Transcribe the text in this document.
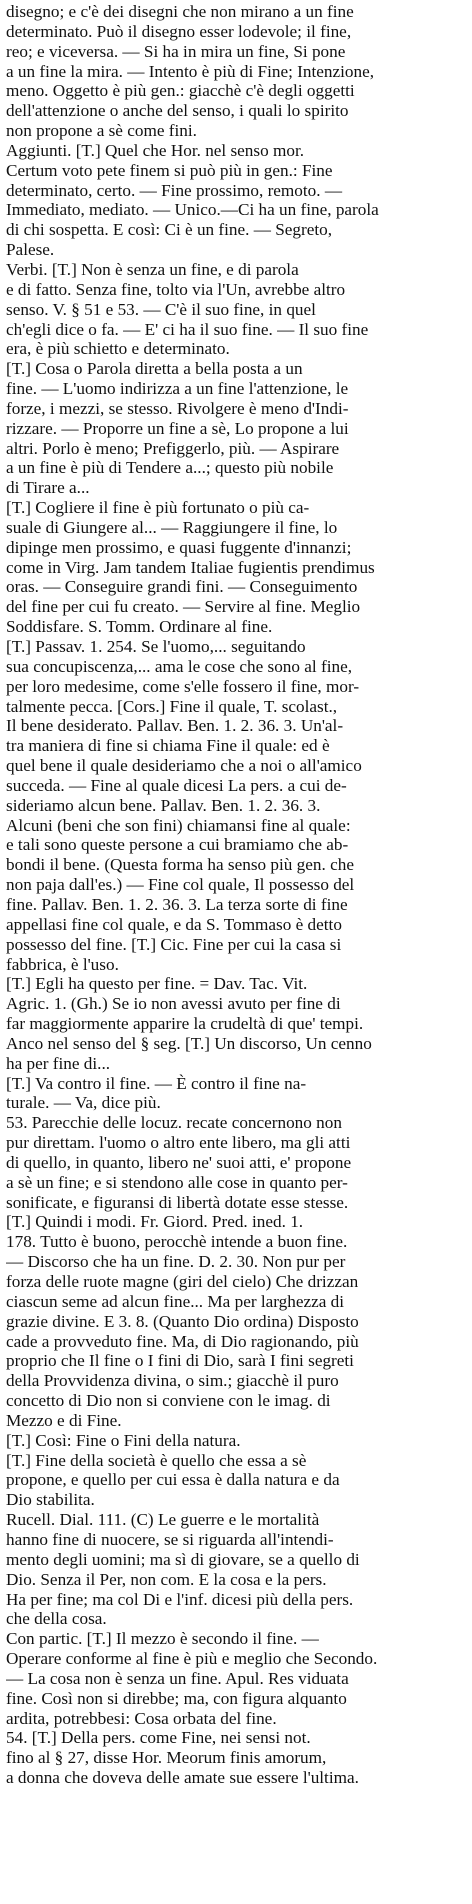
disegno; e c'è dei disegni che non mirano a un fine
determinato. Può il disegno esser lodevole; il fine,
reo; e viceversa. — Si ha in mira un fine, Si pone
a un fine la mira. — Intento è più di Fine; Intenzione,
meno. Oggetto è più gen.: giacchè c'è degli oggetti
dell'attenzione o anche del senso, i quali lo spirito
non propone a sè come fini.
Aggiunti. [T.] Quel che Hor. nel senso mor.
Certum voto pete finem si può più in gen.: Fine
determinato, certo. — Fine prossimo, remoto. —
Immediato, mediato. — Unico.—Ci ha un fine, parola
di chi sospetta. E così: Ci è un fine. — Segreto,
Palese.
Verbi. [T.] Non è senza un fine, e di parola
e di fatto. Senza fine, tolto via l'Un, avrebbe altro
senso. V. § 51 e 53. — C'è il suo fine, in quel
ch'egli dice o fa. — E' ci ha il suo fine. — Il suo fine
era, è più schietto e determinato.
[T.] Cosa o Parola diretta a bella posta a un
fine. — L'uomo indirizza a un fine l'attenzione, le
forze, i mezzi, se stesso. Rivolgere è meno d'Indi-
rizzare. — Proporre un fine a sè, Lo propone a lui
altri. Porlo è meno; Prefiggerlo, più. — Aspirare
a un fine è più di Tendere a...; questo più nobile
di Tirare a...
[T.] Cogliere il fine è più fortunato o più ca-
suale di Giungere al... — Raggiungere il fine, lo
dipinge men prossimo, e quasi fuggente d'innanzi;
come in Virg. Jam tandem Italiae fugientis prendimus
oras. — Conseguire grandi fini. — Conseguimento
del fine per cui fu creato. — Servire al fine. Meglio
Soddisfare. S. Tomm. Ordinare al fine.
[T.] Passav. 1. 254. Se l'uomo,... seguitando
sua concupiscenza,... ama le cose che sono al fine,
per loro medesime, come s'elle fossero il fine, mor-
talmente pecca. [Cors.] Fine il quale, T. scolast.,
Il bene desiderato. Pallav. Ben. 1. 2. 36. 3. Un'al-
tra maniera di fine si chiama Fine il quale: ed è
quel bene il quale desideriamo che a noi o all'amico
succeda. — Fine al quale dicesi La pers. a cui de-
sideriamo alcun bene. Pallav. Ben. 1. 2. 36. 3.
Alcuni (beni che son fini) chiamansi fine al quale:
e tali sono queste persone a cui bramiamo che ab-
bondi il bene. (Questa forma ha senso più gen. che
non paja dall'es.) — Fine col quale, Il possesso del
fine. Pallav. Ben. 1. 2. 36. 3. La terza sorte di fine
appellasi fine col quale, e da S. Tommaso è detto
possesso del fine. [T.] Cic. Fine per cui la casa si
fabbrica, è l'uso.
[T.] Egli ha questo per fine. = Dav. Tac. Vit.
Agric. 1. (Gh.) Se io non avessi avuto per fine di
far maggiormente apparire la crudeltà di que' tempi.
Anco nel senso del § seg. [T.] Un discorso, Un cenno
ha per fine di...
[T.] Va contro il fine. — È contro il fine na-
turale. — Va, dice più.
53. Parecchie delle locuz. recate concernono non
pur direttam. l'uomo o altro ente libero, ma gli atti
di quello, in quanto, libero ne' suoi atti, e' propone
a sè un fine; e si stendono alle cose in quanto per-
sonificate, e figuransi di libertà dotate esse stesse.
[T.] Quindi i modi. Fr. Giord. Pred. ined. 1.
178. Tutto è buono, perocchè intende a buon fine.
— Discorso che ha un fine. D. 2. 30. Non pur per
forza delle ruote magne (giri del cielo) Che drizzan
ciascun seme ad alcun fine... Ma per larghezza di
grazie divine. E 3. 8. (Quanto Dio ordina) Disposto
cade a provveduto fine. Ma, di Dio ragionando, più
proprio che Il fine o I fini di Dio, sarà I fini segreti
della Provvidenza divina, o sim.; giacchè il puro
concetto di Dio non si conviene con le imag. di
Mezzo e di Fine.
[T.] Così: Fine o Fini della natura.
[T.] Fine della società è quello che essa a sè
propone, e quello per cui essa è dalla natura e da
Dio stabilita.
Rucell. Dial. 111. (C) Le guerre e le mortalità
hanno fine di nuocere, se si riguarda all'intendi-
mento degli uomini; ma sì di giovare, se a quello di
Dio. Senza il Per, non com. E la cosa e la pers.
Ha per fine; ma col Di e l'inf. dicesi più della pers.
che della cosa.
Con partic. [T.] Il mezzo è secondo il fine. —
Operare conforme al fine è più e meglio che Secondo.
— La cosa non è senza un fine. Apul. Res viduata
fine. Così non si direbbe; ma, con figura alquanto
ardita, potrebbesi: Cosa orbata del fine.
54. [T.] Della pers. come Fine, nei sensi not.
fino al § 27, disse Hor. Meorum finis amorum,
a donna che doveva delle amate sue essere l'ultima.
